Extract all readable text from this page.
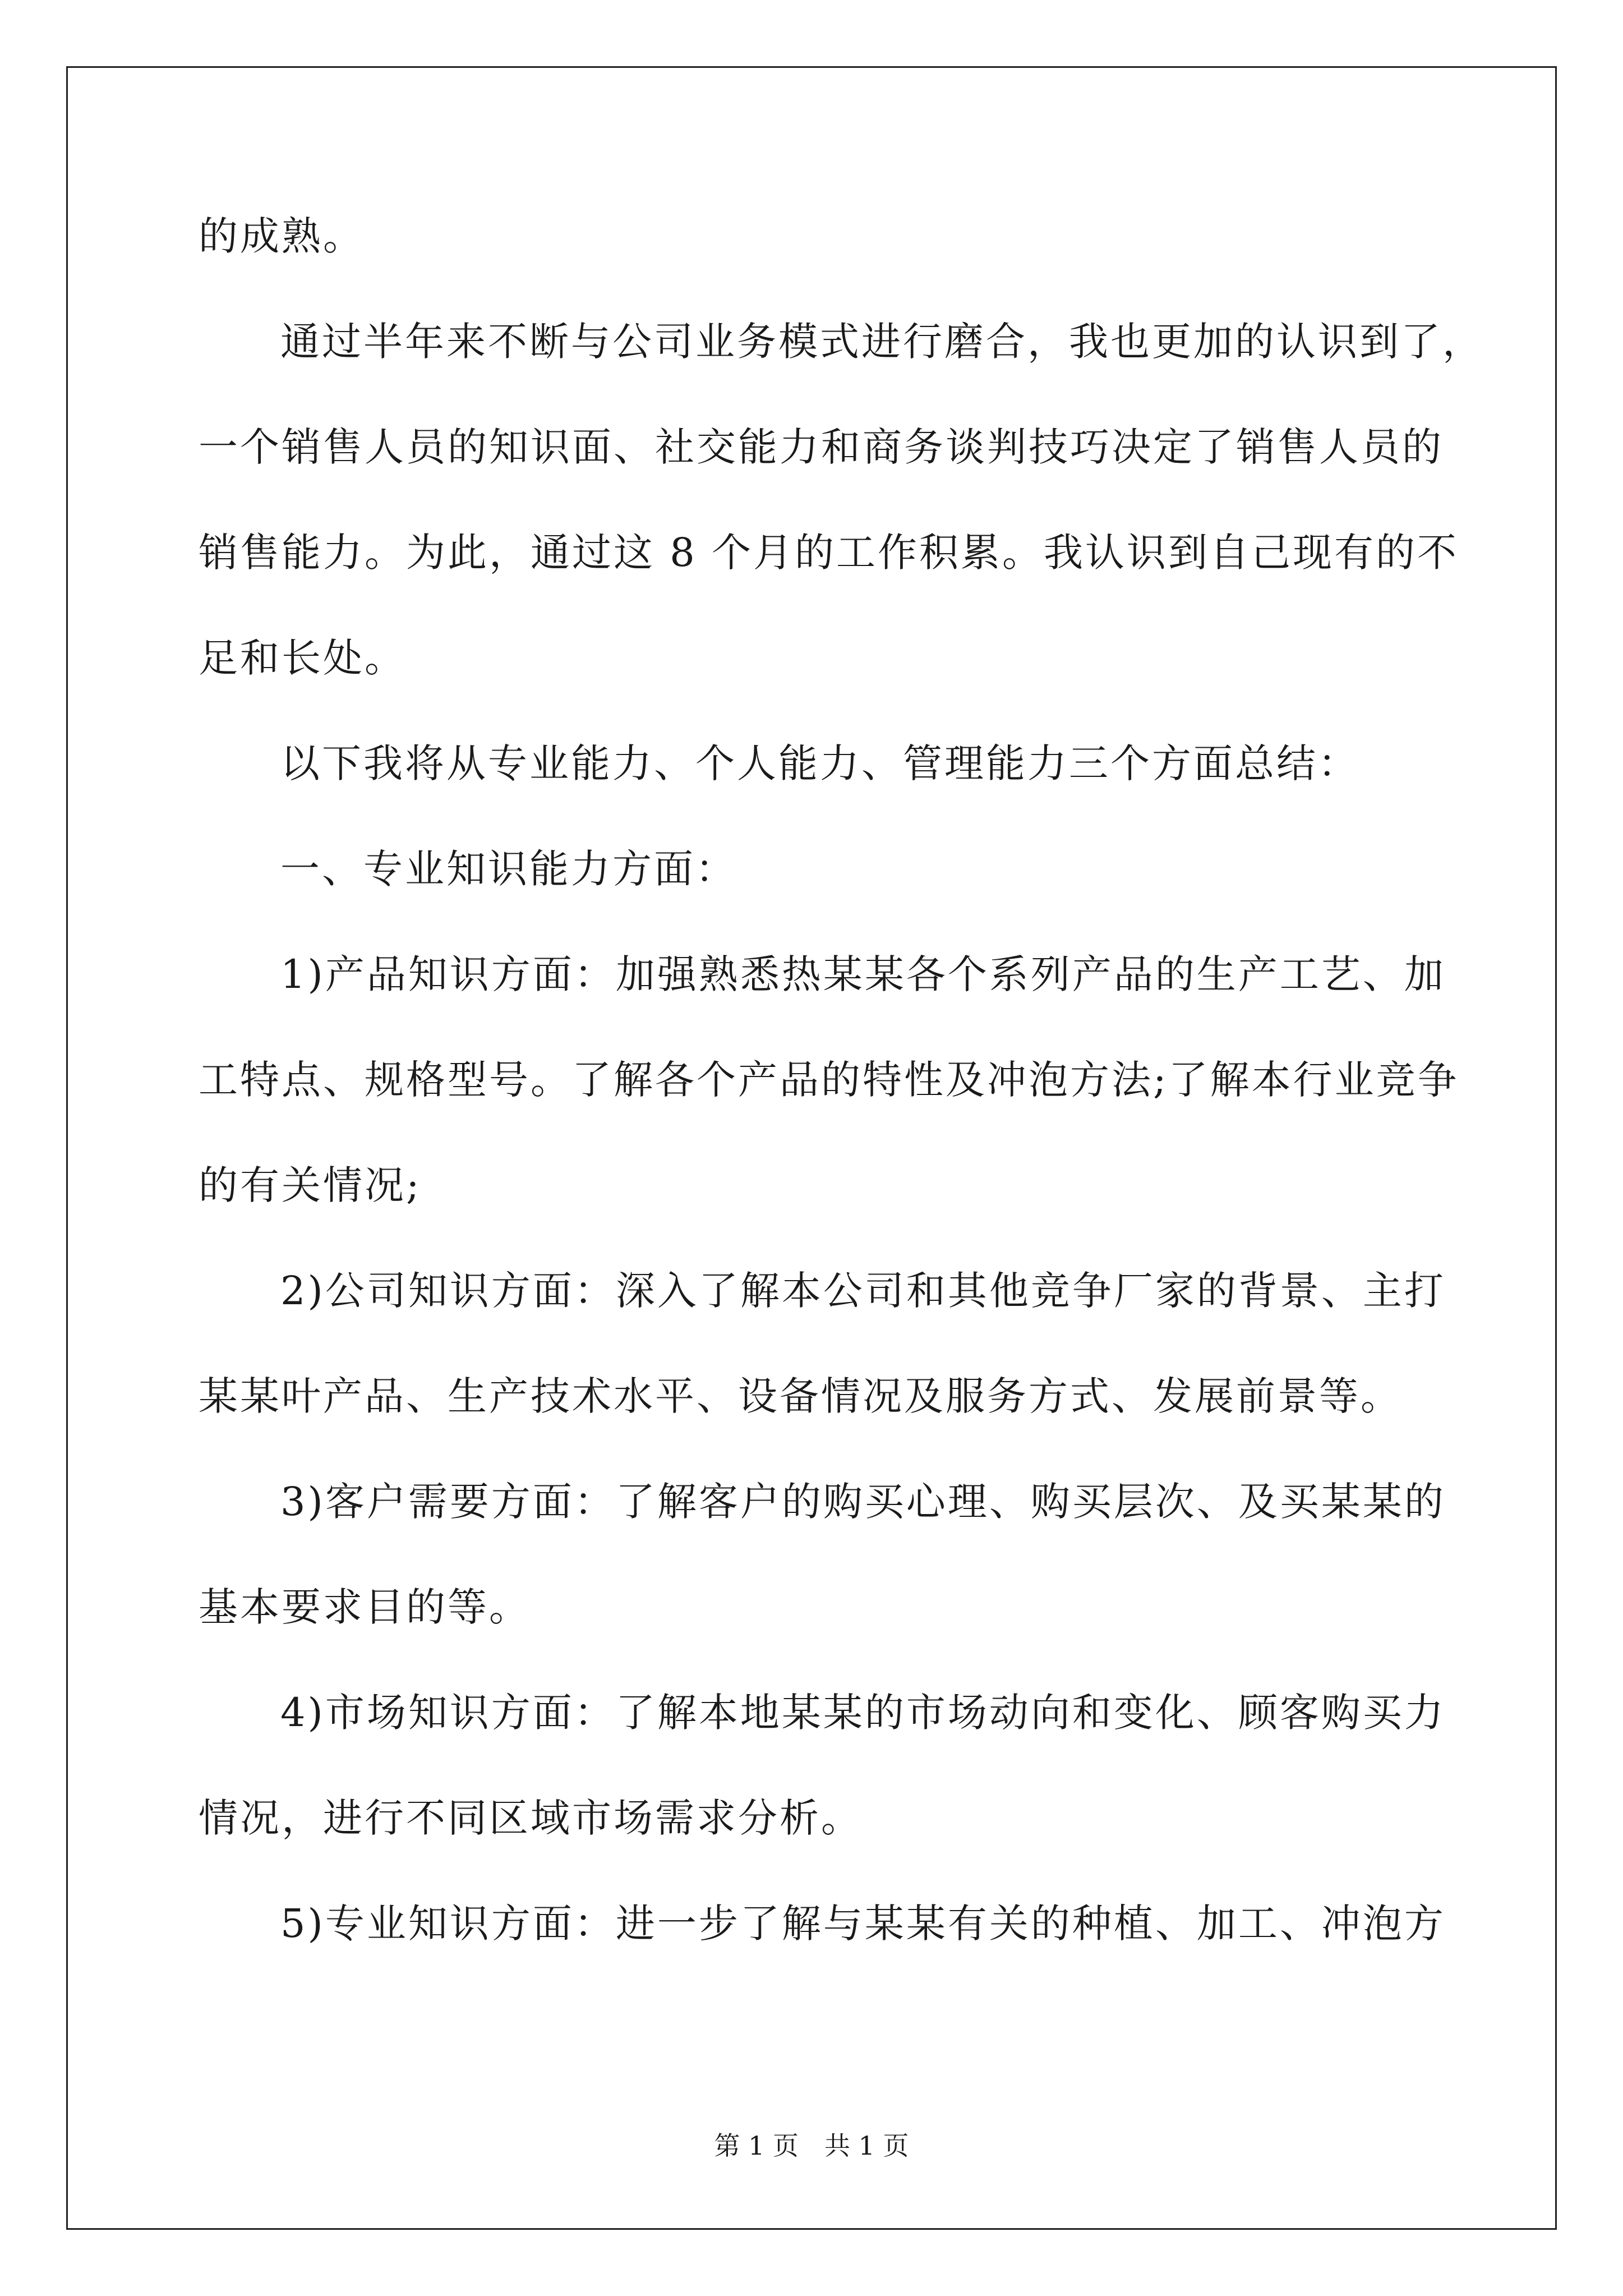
的成熟。
通过半年来不断与公司业务模式进行磨合，我也更加的认识到了，
一个销售人员的知识面、社交能力和商务谈判技巧决定了销售人员的
销售能力。为此，通过这 8 个月的工作积累。我认识到自己现有的不
足和长处。
以下我将从专业能力、个人能力、管理能力三个方面总结：
一、专业知识能力方面：
1)产品知识方面：加强熟悉热某某各个系列产品的生产工艺、加
工特点、规格型号。了解各个产品的特性及冲泡方法;了解本行业竞争
的有关情况;
2)公司知识方面：深入了解本公司和其他竞争厂家的背景、主打
某某叶产品、生产技术水平、设备情况及服务方式、发展前景等。
3)客户需要方面：了解客户的购买心理、购买层次、及买某某的
基本要求目的等。
4)市场知识方面：了解本地某某的市场动向和变化、顾客购买力
情况，进行不同区域市场需求分析。
5)专业知识方面：进一步了解与某某有关的种植、加工、冲泡方
第 1 页　共 1 页
